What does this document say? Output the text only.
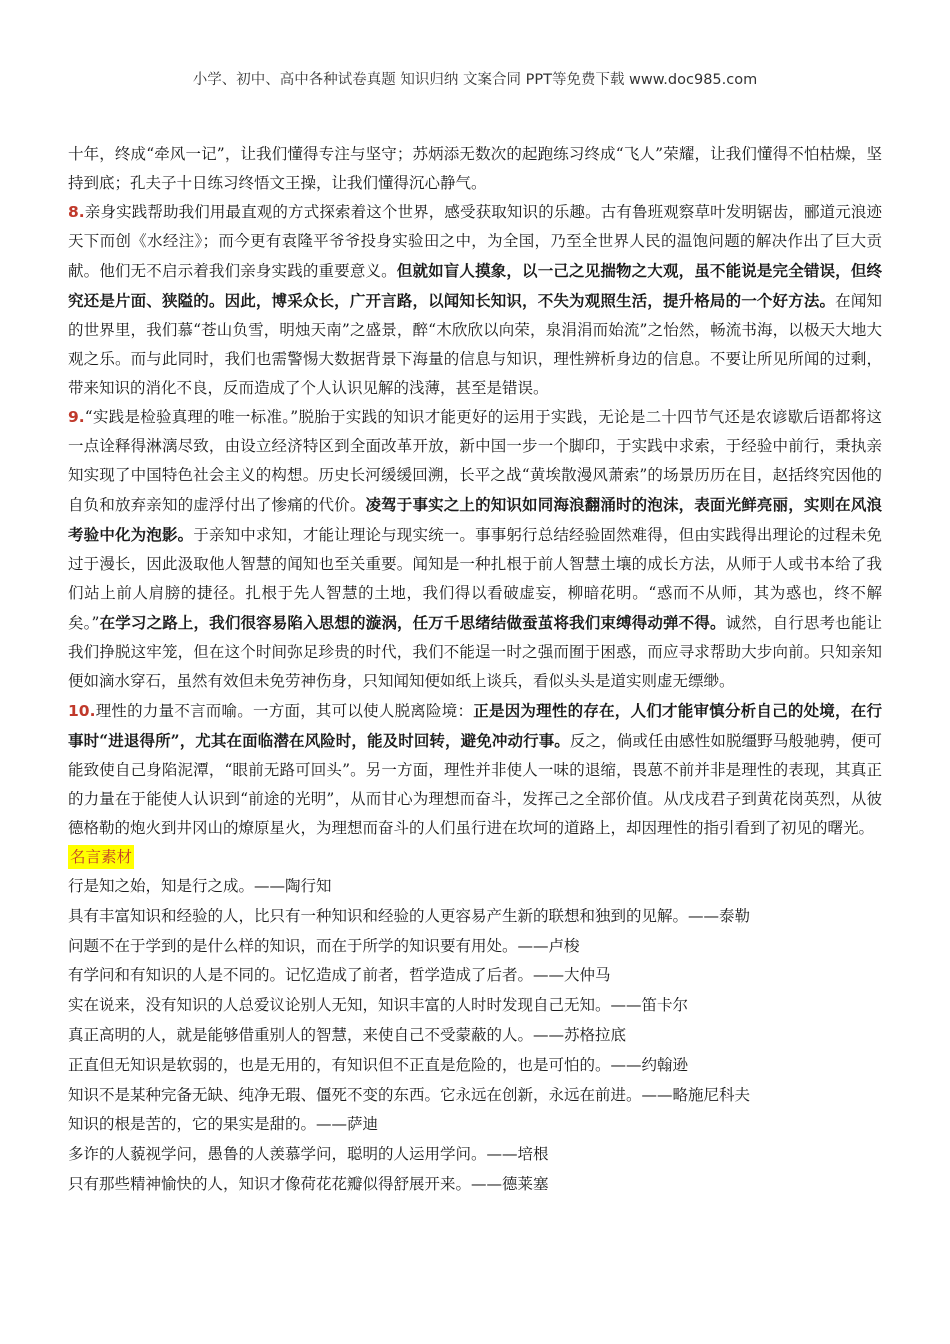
小学、初中、高中各种试卷真题 知识归纳 文案合同 PPT等免费下载 www.doc985.com

十年，终成“牵风一记”，让我们懂得专注与坚守；苏炳添无数次的起跑练习终成“飞人”荣耀，让我们懂得不怕枯燥，坚持到底；孔夫子十日练习终悟文王操，让我们懂得沉心静气。

8.亲身实践帮助我们用最直观的方式探索着这个世界，感受获取知识的乐趣。古有鲁班观察草叶发明锯齿，郦道元浪迹天下而创《水经注》；而今更有袁隆平爷爷投身实验田之中，为全国，乃至全世界人民的温饱问题的解决作出了巨大贡献。他们无不启示着我们亲身实践的重要意义。但就如盲人摸象，以一己之见揣物之大观，虽不能说是完全错误，但终究还是片面、狭隘的。因此，博采众长，广开言路，以闻知长知识，不失为观照生活，提升格局的一个好方法。在闻知的世界里，我们慕“苍山负雪，明烛天南”之盛景，醉“木欣欣以向荣，泉涓涓而始流”之怡然，畅流书海，以极天大地大观之乐。而与此同时，我们也需警惕大数据背景下海量的信息与知识，理性辨析身边的信息。不要让所见所闻的过剩，带来知识的消化不良，反而造成了个人认识见解的浅薄，甚至是错误。

9.“实践是检验真理的唯一标准。”脱胎于实践的知识才能更好的运用于实践，无论是二十四节气还是农谚歇后语都将这一点诠释得淋漓尽致，由设立经济特区到全面改革开放，新中国一步一个脚印，于实践中求索，于经验中前行，秉执亲知实现了中国特色社会主义的构想。历史长河缓缓回溯，长平之战“黄埃散漫风萧索”的场景历历在目，赵括终究因他的自负和放弃亲知的虚浮付出了惨痛的代价。凌驾于事实之上的知识如同海浪翻涌时的泡沫，表面光鲜亮丽，实则在风浪考验中化为泡影。于亲知中求知，才能让理论与现实统一。事事躬行总结经验固然难得，但由实践得出理论的过程未免过于漫长，因此汲取他人智慧的闻知也至关重要。闻知是一种扎根于前人智慧土壤的成长方法，从师于人或书本给了我们站上前人肩膀的捷径。扎根于先人智慧的土地，我们得以看破虚妄，柳暗花明。“惑而不从师，其为惑也，终不解矣。”在学习之路上，我们很容易陷入思想的漩涡，任万千思绪结做蚕茧将我们束缚得动弹不得。诚然，自行思考也能让我们挣脱这牢笼，但在这个时间弥足珍贵的时代，我们不能逞一时之强而囿于困惑，而应寻求帮助大步向前。只知亲知便如滴水穿石，虽然有效但未免劳神伤身，只知闻知便如纸上谈兵，看似头头是道实则虚无缥缈。

10.理性的力量不言而喻。一方面，其可以使人脱离险境：正是因为理性的存在，人们才能审慎分析自己的处境，在行事时“进退得所”，尤其在面临潜在风险时，能及时回转，避免冲动行事。反之，倘或任由感性如脱缰野马般驰骋，便可能致使自己身陷泥潭，“眼前无路可回头”。另一方面，理性并非使人一味的退缩，畏葸不前并非是理性的表现，其真正的力量在于能使人认识到“前途的光明”，从而甘心为理想而奋斗，发挥己之全部价值。从戊戌君子到黄花岗英烈，从彼德格勒的炮火到井冈山的燎原星火，为理想而奋斗的人们虽行进在坎坷的道路上，却因理性的指引看到了初见的曙光。

名言素材

行是知之始，知是行之成。——陶行知

具有丰富知识和经验的人，比只有一种知识和经验的人更容易产生新的联想和独到的见解。——泰勒

问题不在于学到的是什么样的知识，而在于所学的知识要有用处。——卢梭

有学问和有知识的人是不同的。记忆造成了前者，哲学造成了后者。——大仲马

实在说来，没有知识的人总爱议论别人无知，知识丰富的人时时发现自己无知。——笛卡尔

真正高明的人，就是能够借重别人的智慧，来使自己不受蒙蔽的人。——苏格拉底

正直但无知识是软弱的，也是无用的，有知识但不正直是危险的，也是可怕的。——约翰逊

知识不是某种完备无缺、纯净无瑕、僵死不变的东西。它永远在创新，永远在前进。——略施尼科夫

知识的根是苦的，它的果实是甜的。——萨迪

多诈的人藐视学问，愚鲁的人羡慕学问，聪明的人运用学问。——培根

只有那些精神愉快的人，知识才像荷花花瓣似得舒展开来。——德莱塞
